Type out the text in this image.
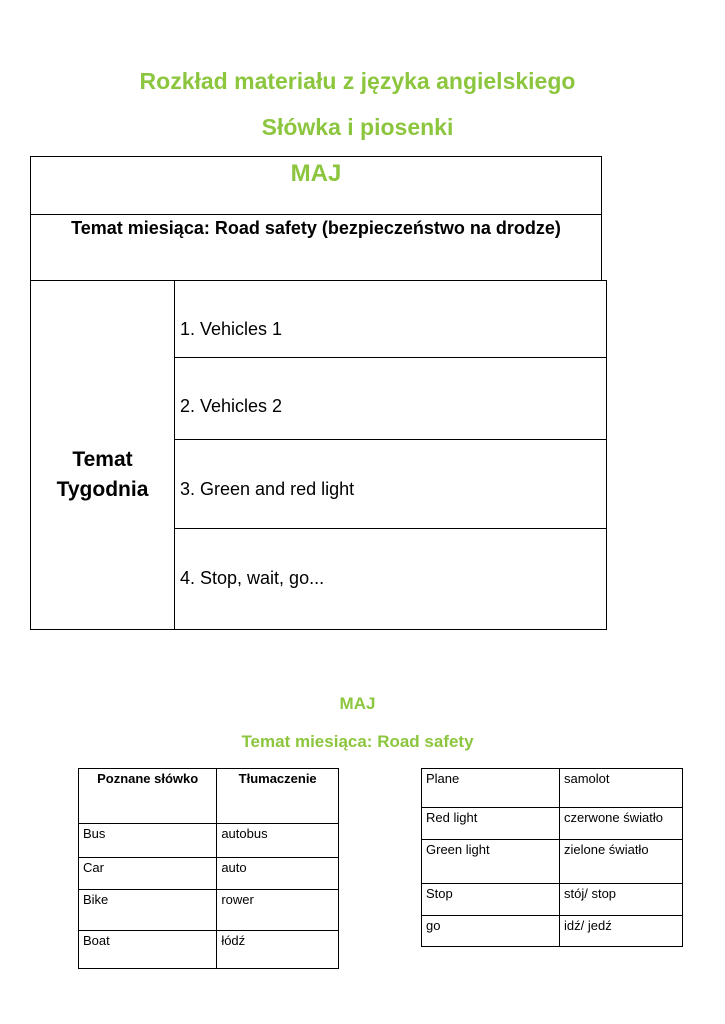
Rozkład materiału z języka angielskiego
Słówka i piosenki
MAJ
Temat miesiąca: Road safety (bezpieczeństwo na drodze)
Temat
Tygodnia
1. Vehicles 1
2. Vehicles 2
3. Green and red light
4. Stop, wait, go...
MAJ
Temat miesiąca: Road safety
Poznane słówko	Tłumaczenie
Bus	autobus
Car	auto
Bike	rower
Boat	łódź
Plane	samolot
Red light	czerwone światło
Green light	zielone światło
Stop	stój/ stop
go	idź/ jedź
